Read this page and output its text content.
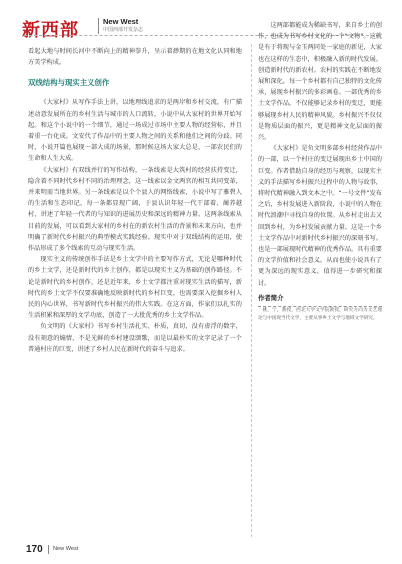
新西部	New West
中国西部开发杂志

看起大地与时间长河中不断向上的精神拳升，呈示着渺期的在地文化认同和地方美学构成。

双线结构与现实主义创作

《大家村》从写作手法上讲，以地理线追求的是两岸和乡村交流，有广描述动意发展所在的乡村生活与城市的人口流转，小说中从大家村的世界开始写起。和这个小说中的一个细节，通过一场成过市场中主要人物的经营标，并且着重一台化成。文安代了作品中的主要人物之间的关系和他们之间的分歧。同时，小说开篇也展现一部大成的场景，那时候这场大家大总是，一部农民们的生命和人生大成。

《大家村》有双线并行的写作结构，一条线索是大筑村的经营扶持变迁，隐含着不同时代乡村不同的治理理念，这一线索以金文两官的相互共同变革，并来明需当地世界。另一条线索是以个个县人的网络线索，小说中写了雅碧人的生活和生态印记，每一条都显现广阔，于县认识年轻一代干部着、蔺养越村，讲述了年轻一代者的与知识的进展历史和深远的精神力量。这两条线索从目前的发展，可以看到大家村的乡村在的新农村生活的背景和未来方向，也并明确了新时代乡村振兴的典型模式实践经验。现实中对于双线结构的运用，使作品形成了多个线索的互动与现实生活。

现实主义的传统创作手法是乡土文学中的主要写作方式，无论是哪种时代的乡土文学，还是新时代的乡土创作，都是以现实主义为基础的创作路径。不论是新时代的乡村创作，还是近年来，乡土文学都注重对现实生活的描写，新时代的乡土文学不仅要准确地反映新时代的乡村巨变，也需要深入挖掘乡村人民的内心世界，书写新时代乡村振兴的伟大实践。在这方面，作家们以扎实的生活积累和深厚的文学功底，创造了一大批优秀的乡土文学作品。

负文明的《大家村》书写乡村生活扎实、朴质，真切，没有虚浮的数字，没有刻意的煽情，不是光鲜的乡村建设颂歌，而是以最朴实的文字记录了一个普通村庄的巨变，讲述了乡村人民在新时代的奋斗与追求。

这两部都能成为稀缺书写，来自乡土的创作，也成为书写乡村文化的一个“文物”。这就是有于将现与金玉两同处一家庭的新见，大家也在这样的生态中，积极融入新的时代发展。创造新时代的新农村。农村的实践在不断地发展和深化。每一个乡村都有自己独特的文化传承，展现乡村振兴的多彩画卷。一部优秀的乡土文学作品，不仅能够记录乡村的变迁，更能够展现乡村人民的精神风貌。乡村振兴不仅仅是物质层面的振兴，更是精神文化层面的振兴。

《大家村》是负文明多部乡村经营作品中的一部，以一个村庄的变迁展现出乡土中国的巨变。作者借助自身的经历与观察，以现实主义的手法描写乡村振兴过程中的人物与故事，将时代精神融入到文本之中。“一号文件”发布之后，乡村发展进入新阶段，小说中的人物在时代浪潮中寻找自身的位置。从乡村走出去又回到乡村，为乡村发展贡献力量。这是一个乡土文学作品中对新时代乡村振兴的深刻书写。也是一部展现时代精神的优秀作品，具有重要的文学价值和社会意义。从而也使小说具有了更为深远的现实意义，值得进一步研究和探讨。

作者简介

姚，宁，教授，西北大学文学院教授，研究方向为文艺理论与中国现当代文学，主要从事乡土文学与地域文学研究。

170 New West
